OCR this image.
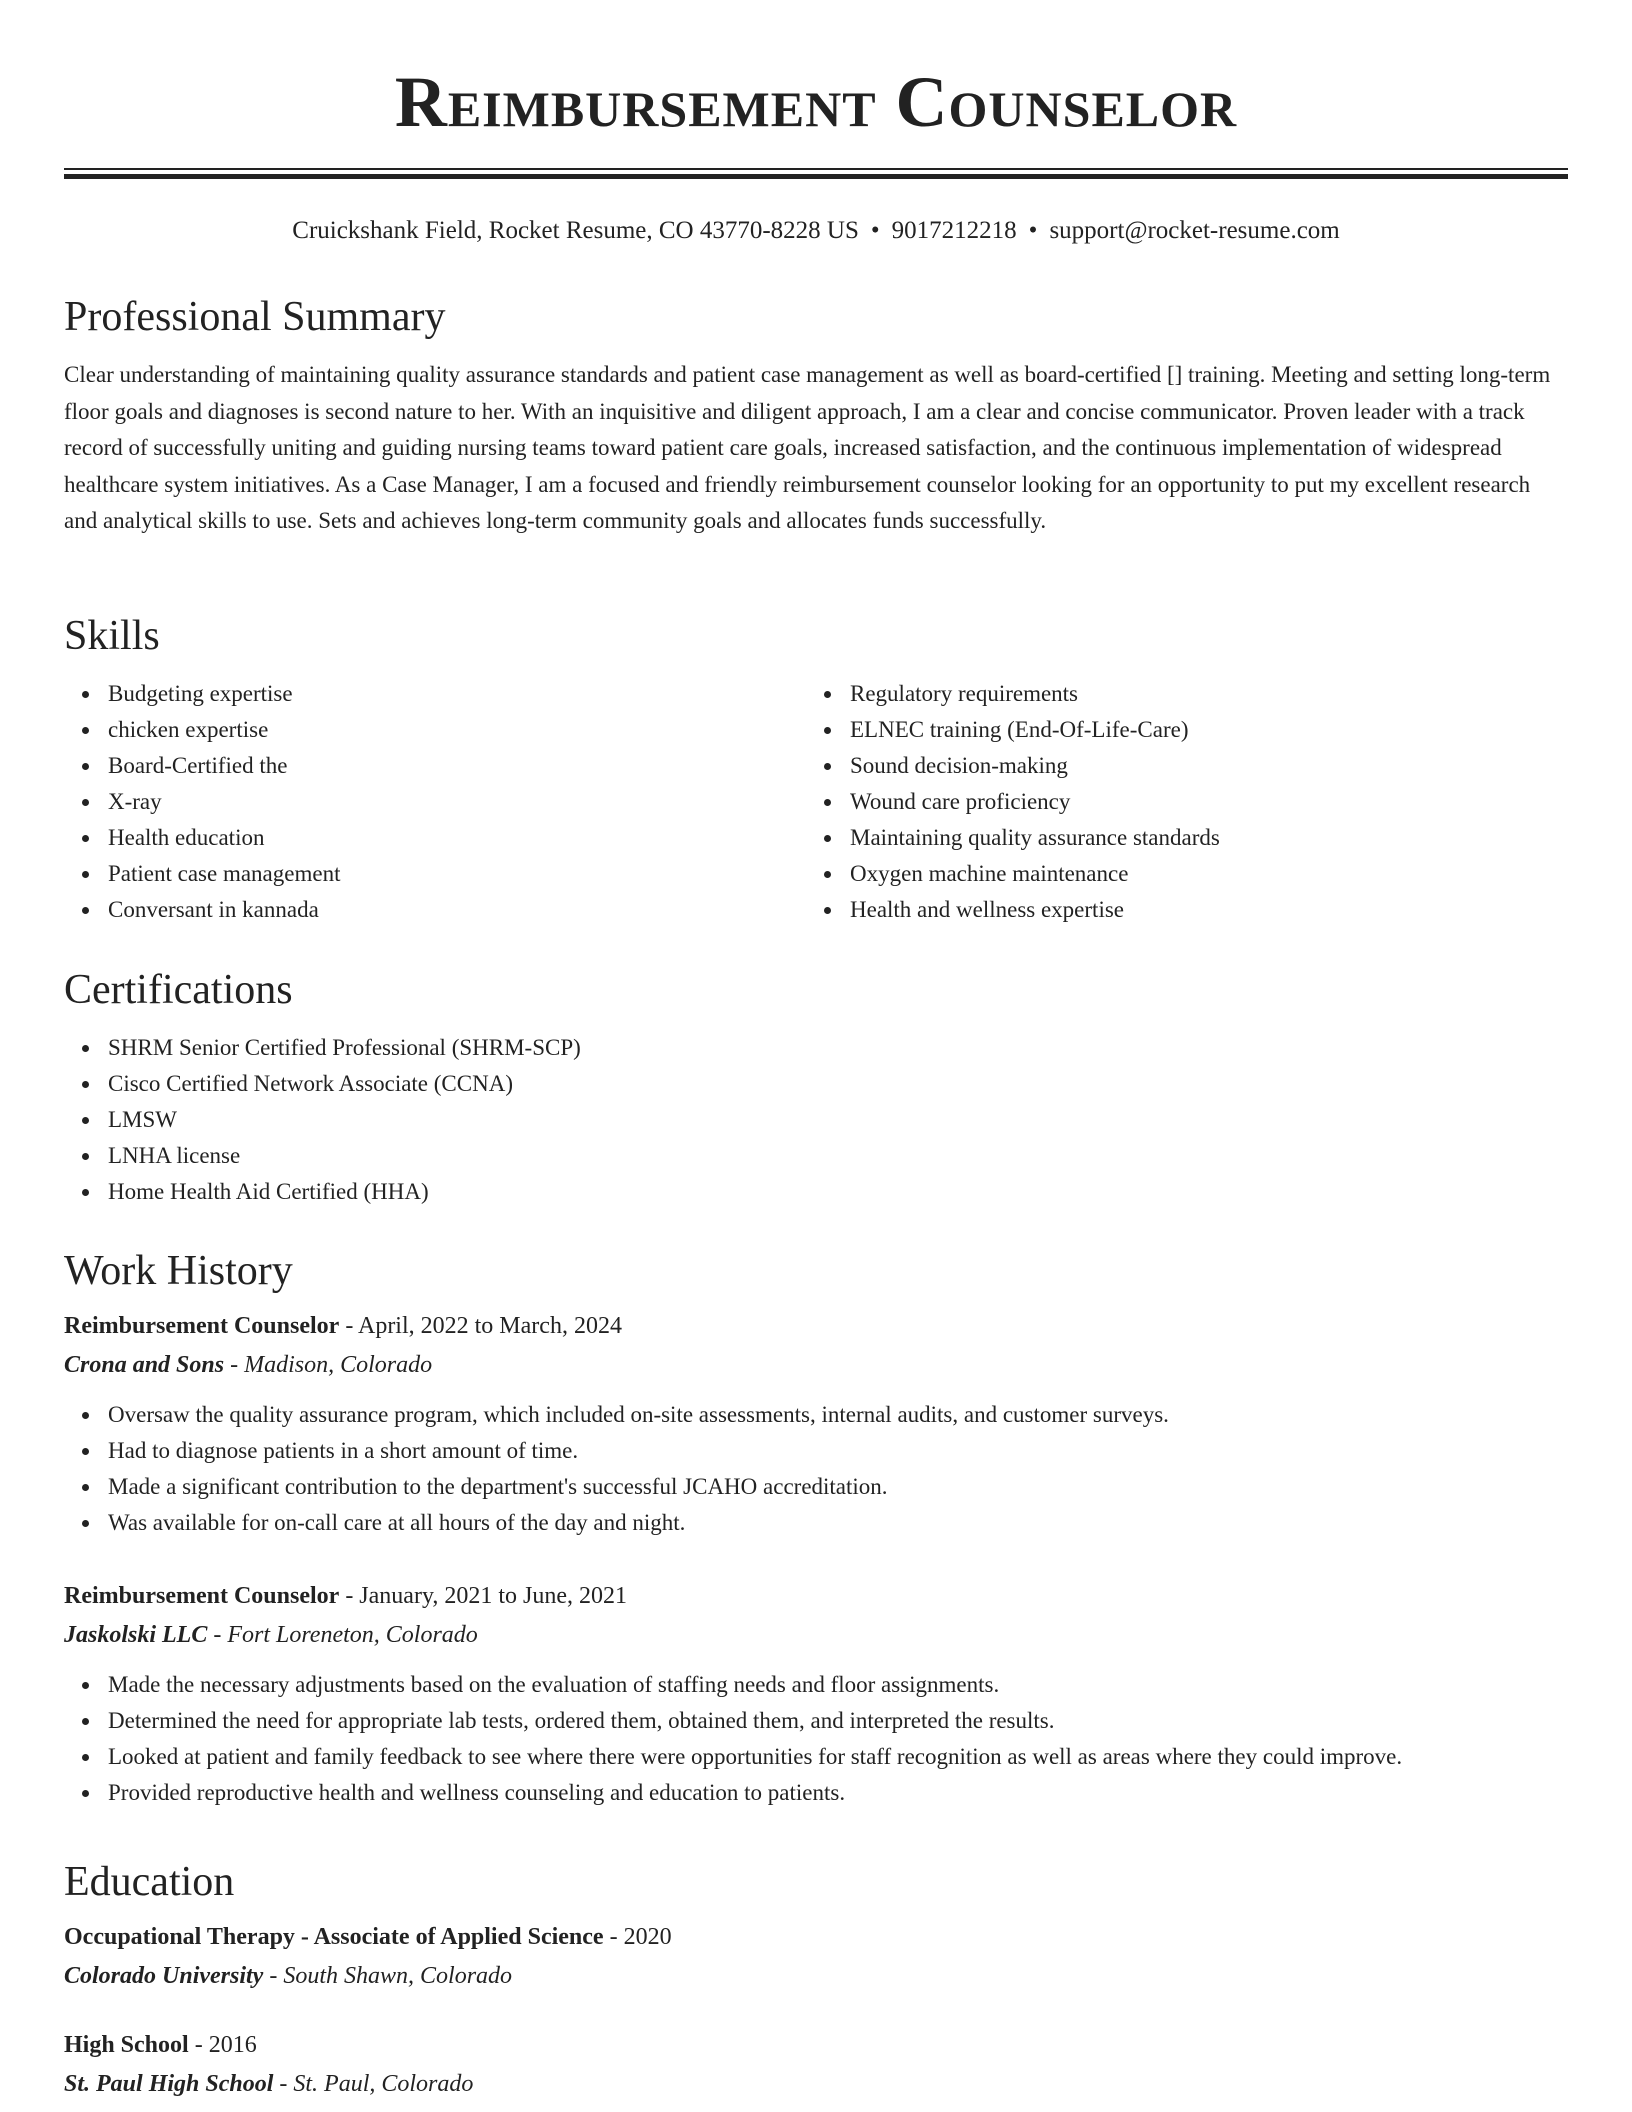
Reimbursement Counselor
Cruickshank Field, Rocket Resume, CO 43770-8228 US • 9017212218 • support@rocket-resume.com
Professional Summary

Clear understanding of maintaining quality assurance standards and patient case management as well as board-certified [] training. Meeting and setting long-term floor goals and diagnoses is second nature to her. With an inquisitive and diligent approach, I am a clear and concise communicator. Proven leader with a track record of successfully uniting and guiding nursing teams toward patient care goals, increased satisfaction, and the continuous implementation of widespread healthcare system initiatives. As a Case Manager, I am a focused and friendly reimbursement counselor looking for an opportunity to put my excellent research and analytical skills to use. Sets and achieves long-term community goals and allocates funds successfully.

Skills
Budgeting expertise
chicken expertise
Board-Certified the
X-ray
Health education
Patient case management
Conversant in kannada
Regulatory requirements
ELNEC training (End-Of-Life-Care)
Sound decision-making
Wound care proficiency
Maintaining quality assurance standards
Oxygen machine maintenance
Health and wellness expertise
Certifications
SHRM Senior Certified Professional (SHRM-SCP)
Cisco Certified Network Associate (CCNA)
LMSW
LNHA license
Home Health Aid Certified (HHA)
Work History
Reimbursement Counselor - April, 2022 to March, 2024
Crona and Sons - Madison, Colorado
Oversaw the quality assurance program, which included on-site assessments, internal audits, and customer surveys.
Had to diagnose patients in a short amount of time.
Made a significant contribution to the department's successful JCAHO accreditation.
Was available for on-call care at all hours of the day and night.
Reimbursement Counselor - January, 2021 to June, 2021
Jaskolski LLC - Fort Loreneton, Colorado
Made the necessary adjustments based on the evaluation of staffing needs and floor assignments.
Determined the need for appropriate lab tests, ordered them, obtained them, and interpreted the results.
Looked at patient and family feedback to see where there were opportunities for staff recognition as well as areas where they could improve.
Provided reproductive health and wellness counseling and education to patients.
Education
Occupational Therapy - Associate of Applied Science - 2020
Colorado University - South Shawn, Colorado
High School - 2016
St. Paul High School - St. Paul, Colorado
